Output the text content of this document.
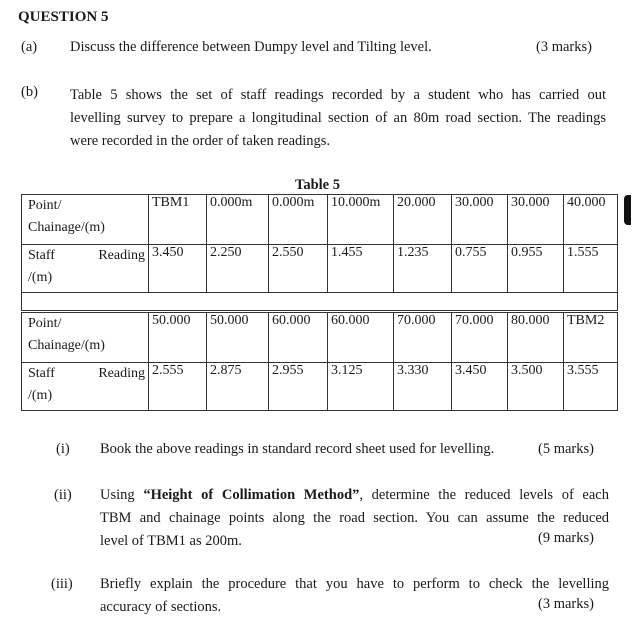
QUESTION 5
(a) Discuss the difference between Dumpy level and Tilting level.	(3 marks)
(b) Table 5 shows the set of staff readings recorded by a student who has carried out
levelling survey to prepare a longitudinal section of an 80m road section. The readings
were recorded in the order of taken readings.
Table 5
Point/
Chainage/(m)	TBM1	0.000m	0.000m	10.000m	20.000	30.000	30.000	40.000

Staff Reading
/(m)	3.450	2.250	2.550	1.455	1.235	0.755	0.955	1.555

Point/
Chainage/(m)	50.000	50.000	60.000	60.000	70.000	70.000	80.000	TBM2

Staff Reading
/(m)	2.555	2.875	2.955	3.125	3.330	3.450	3.500	3.555
(i) Book the above readings in standard record sheet used for levelling.	(5 marks)
(ii) Using “Height of Collimation Method”, determine the reduced levels of each
TBM and chainage points along the road section. You can assume the reduced
level of TBM1 as 200m.	(9 marks)
(iii) Briefly explain the procedure that you have to perform to check the levelling
accuracy of sections.	(3 marks)
